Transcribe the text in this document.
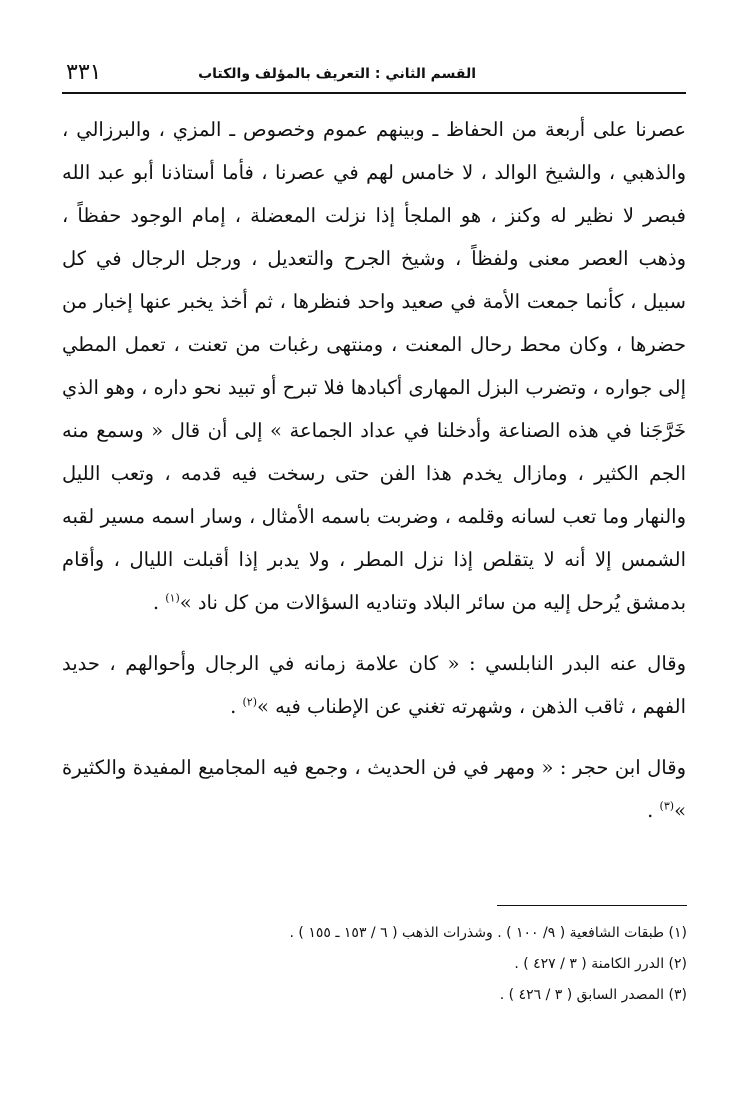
القسم الثاني : التعريف بالمؤلف والكتاب
٣٣١

عصرنا على أربعة من الحفاظ ـ وبينهم عموم وخصوص ـ المزي ، والبرزالي ، والذهبي ، والشيخ الوالد ، لا خامس لهم في عصرنا ، فأما أستاذنا أبو عبد الله فبصر لا نظير له وكنز ، هو الملجأ إذا نزلت المعضلة ، إمام الوجود حفظاً ، وذهب العصر معنى ولفظاً ، وشيخ الجرح والتعديل ، ورجل الرجال في كل سبيل ، كأنما جمعت الأمة في صعيد واحد فنظرها ، ثم أخذ يخبر عنها إخبار من حضرها ، وكان محط رحال المعنت ، ومنتهى رغبات من تعنت ، تعمل المطي إلى جواره ، وتضرب البزل المهارى أكبادها فلا تبرح أو تبيد نحو داره ، وهو الذي خَرَّجَنا في هذه الصناعة وأدخلنا في عداد الجماعة » إلى أن قال « وسمع منه الجم الكثير ، ومازال يخدم هذا الفن حتى رسخت فيه قدمه ، وتعب الليل والنهار وما تعب لسانه وقلمه ، وضربت باسمه الأمثال ، وسار اسمه مسير لقبه الشمس إلا أنه لا يتقلص إذا نزل المطر ، ولا يدبر إذا أقبلت الليال ، وأقام بدمشق يُرحل إليه من سائر البلاد وتناديه السؤالات من كل ناد »$^{(١)}$ .

وقال عنه البدر النابلسي : « كان علامة زمانه في الرجال وأحوالهم ، حديد الفهم ، ثاقب الذهن ، وشهرته تغني عن الإطناب فيه »$^{(٢)}$ .

وقال ابن حجر : « ومهر في فن الحديث ، وجمع فيه المجاميع المفيدة والكثيرة »$^{(٣)}$ .

(١) طبقات الشافعية ( ٩/ ١٠٠ ) . وشذرات الذهب ( ٦ / ١٥٣ ـ ١٥٥ ) .

(٢) الدرر الكامنة ( ٣ / ٤٢٧ ) .

(٣) المصدر السابق ( ٣ / ٤٢٦ ) .
